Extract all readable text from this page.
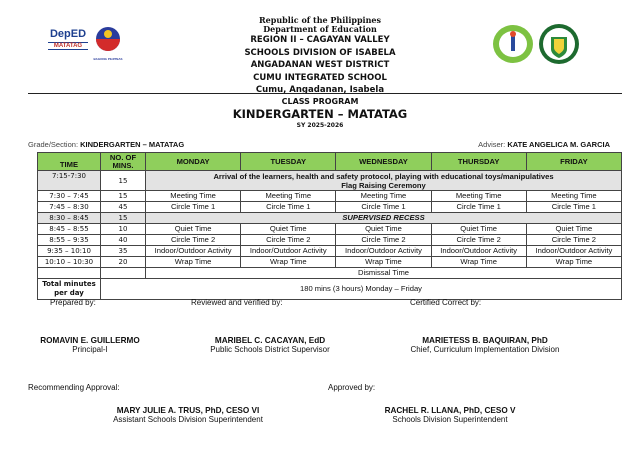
DepED
MATATAG
BAGONG PILIPINAS
Republic of the Philippines
Department of Education
REGION II – CAGAYAN VALLEY
SCHOOLS DIVISION OF ISABELA
ANGADANAN WEST DISTRICT
CUMU INTEGRATED SCHOOL
Cumu, Angadanan, Isabela
CLASS PROGRAM
KINDERGARTEN – MATATAG
SY 2025-2026
Grade/Section: KINDERGARTEN – MATATAG	Adviser: KATE ANGELICA M. GARCIA
TIME	NO. OF MINS.	MONDAY	TUESDAY	WEDNESDAY	THURSDAY	FRIDAY
7:15-7:30	15	Arrival of the learners, health and safety protocol, playing with educational toys/manipulatives
Flag Raising Ceremony				

7:30 – 7:45	15	Meeting Time	Meeting Time	Meeting Time	Meeting Time	Meeting Time
7:45 – 8:30	45	Circle Time 1	Circle Time 1	Circle Time 1	Circle Time 1	Circle Time 1
8:30 – 8:45	15	SUPERVISED RECESS				
8:45 – 8:55	10	Quiet Time	Quiet Time	Quiet Time	Quiet Time	Quiet Time
8:55 – 9:35	40	Circle Time 2	Circle Time 2	Circle Time 2	Circle Time 2	Circle Time 2
9:35 – 10:10	35	Indoor/Outdoor Activity	Indoor/Outdoor Activity	Indoor/Outdoor Activity	Indoor/Outdoor Activity	Indoor/Outdoor Activity
10:10 – 10:30	20	Wrap Time	Wrap Time	Wrap Time	Wrap Time	Wrap Time
		Dismissal Time				
Total minutes per day	180 mins (3 hours) Monday – Friday					
Prepared by:	Reviewed and verified by:	Certified Correct by:
ROMAVIN E. GUILLERMO
Principal-I
MARIBEL C. CACAYAN, EdD
Public Schools District Supervisor
MARIETESS B. BAQUIRAN, PhD
Chief, Curriculum Implementation Division
Recommending Approval:	Approved by:
MARY JULIE A. TRUS, PhD, CESO VI
Assistant Schools Division Superintendent
RACHEL R. LLANA, PhD, CESO V
Schools Division Superintendent
